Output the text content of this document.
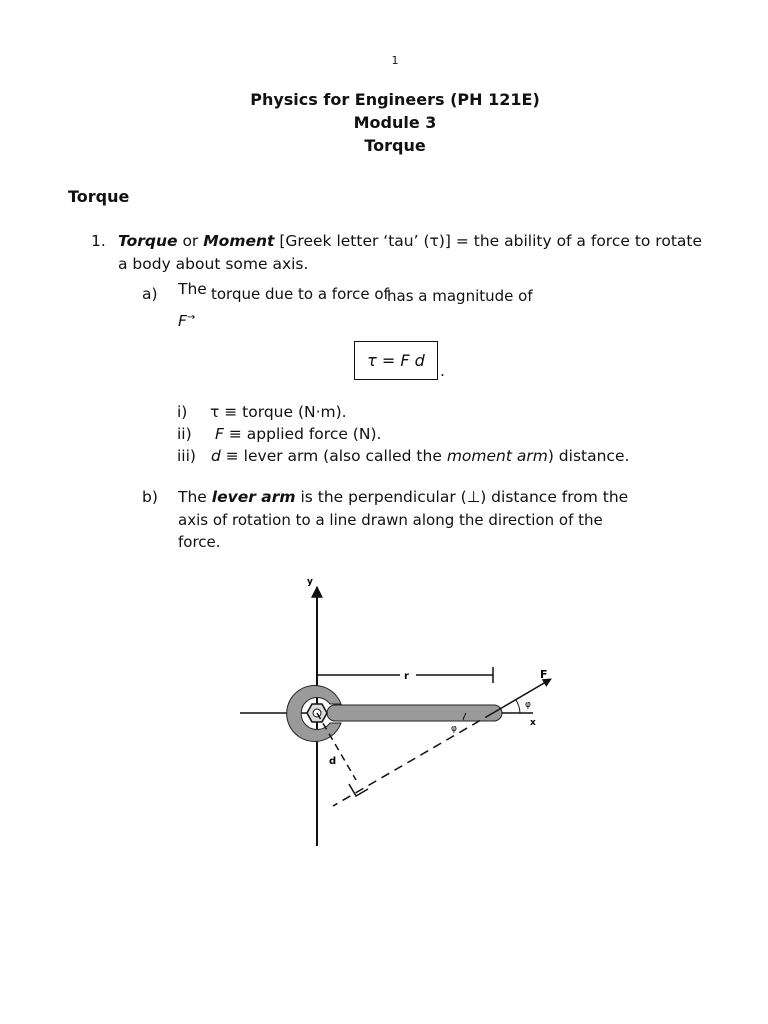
1
Physics for Engineers (PH 121E)
Module 3
Torque
Torque
1. Torque or Moment [Greek letter ‘tau’ (τ)] = the ability of a force to rotate
a body about some axis.
a) The torque due to a force of
has a magnitude of
F→
τ = F d
.
i) τ ≡ torque (N·m).
ii) F ≡ applied force (N).
iii) d ≡ lever arm (also called the moment arm) distance.
b) The lever arm is the perpendicular (⊥) distance from the
axis of rotation to a line drawn along the direction of the
force.
r	F
φ
x
φ
d
y
